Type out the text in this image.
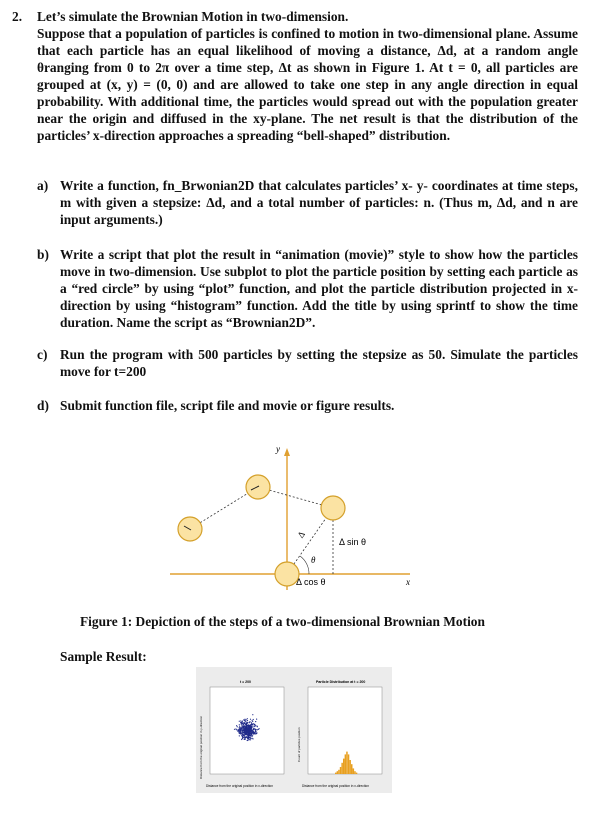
2. Let’s simulate the Brownian Motion in two-dimension.

Suppose that a population of particles is confined to motion in two-dimensional plane. Assume that each particle has an equal likelihood of moving a distance, Δd, at a random angle θranging from 0 to 2π over a time step, Δt as shown in Figure 1. At t = 0, all particles are grouped at (x, y) = (0, 0) and are allowed to take one step in any angle direction in equal probability. With additional time, the particles would spread out with the population greater near the origin and diffused in the xy-plane. The net result is that the distribution of the particles’ x-direction approaches a spreading “bell-shaped” distribution.

a) Write a function, fn_Brwonian2D that calculates particles’ x- y- coordinates at time steps, m with given a stepsize: Δd, and a total number of particles: n. (Thus m, Δd, and n are input arguments.)
b) Write a script that plot the result in “animation (movie)” style to show how the particles move in two-dimension. Use subplot to plot the particle position by setting each particle as a “red circle” by using “plot” function, and plot the particle distribution projected in x-direction by using “histogram” function. Add the title by using sprintf to show the time duration. Name the script as “Brownian2D”.
c) Run the program with 500 particles by setting the stepsize as 50. Simulate the particles move for t=200
d) Submit function file, script file and movie or figure results.
y
x
Δ
θ
Δ sin θ
Δ cos θ
Figure 1: Depiction of the steps of a two-dimensional Brownian Motion
Sample Result:
t = 200
Distance from the original position in x-direction
Distance from the original position in y-direction
Particle Distribution at t = 200
Distance from the original position in x-direction
Count of particles position
